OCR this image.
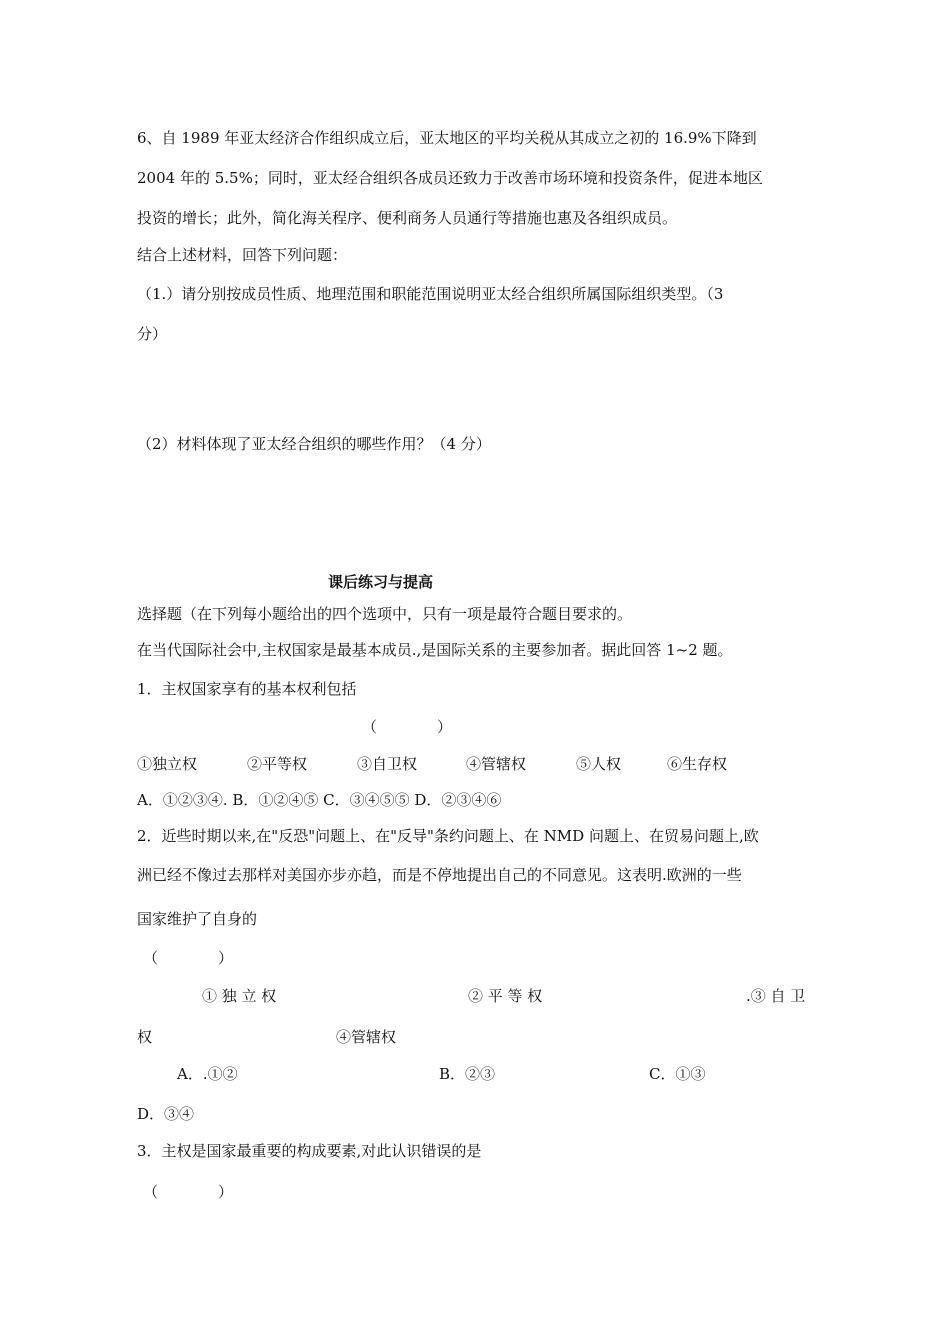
6、自 1989 年亚太经济合作组织成立后，亚太地区的平均关税从其成立之初的 16.9%下降到
2004 年的 5.5%；同时，亚太经合组织各成员还致力于改善市场环境和投资条件，促进本地区
投资的增长；此外，简化海关程序、便利商务人员通行等措施也惠及各组织成员。
结合上述材料，回答下列问题：
（1.）请分别按成员性质、地理范围和职能范围说明亚太经合组织所属国际组织类型。（3
分）
（2）材料体现了亚太经合组织的哪些作用？（4 分）
课后练习与提高
选择题（在下列每小题给出的四个选项中，只有一项是最符合题目要求的。
在当代国际社会中,主权国家是最基本成员.,是国际关系的主要参加者。据此回答 1~2 题。
1．主权国家享有的基本权利包括
（　　　　）
①独立权	②平等权	③自卫权	④管辖权	⑤人权	⑥生存权
A．①②③④. B．①②④⑤ C．③④⑤⑤ D．②③④⑥
2．近些时期以来,在"反恐"问题上、在"反导"条约问题上、在 NMD 问题上、在贸易问题上,欧
洲已经不像过去那样对美国亦步亦趋，而是不停地提出自己的不同意见。这表明.欧洲的一些
国家维护了自身的
（　　　　）
① 独 立 权	② 平 等 权	.③ 自 卫
权	④管辖权
A．.①②	B．②③	C．①③
D．③④
3．主权是国家最重要的构成要素,对此认识错误的是
（　　　　）
